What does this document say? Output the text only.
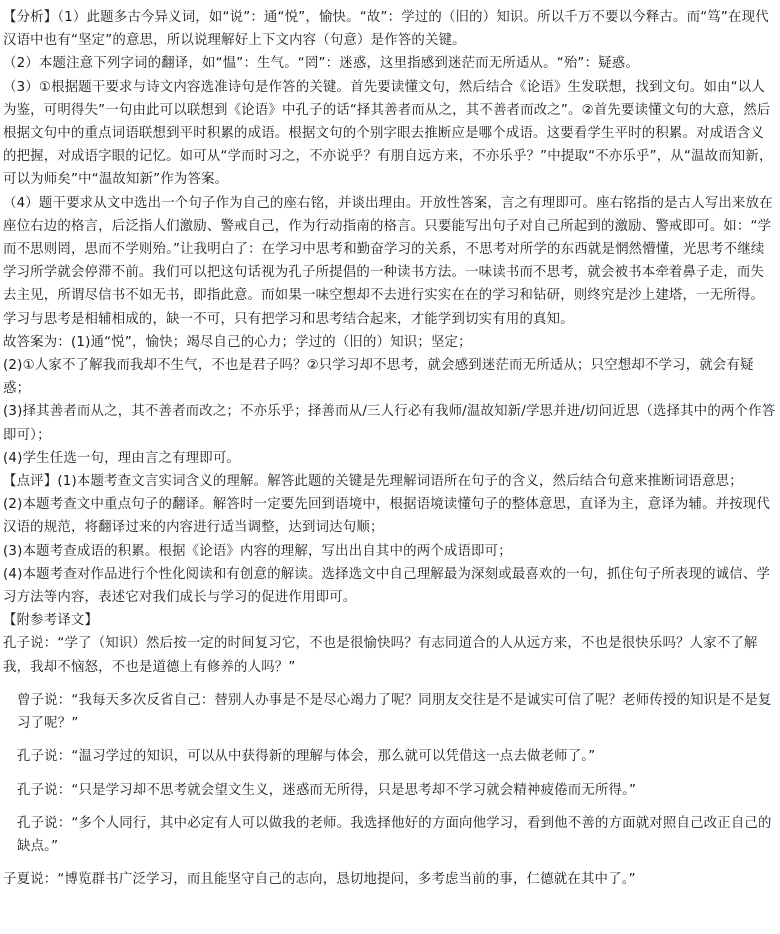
【分析】（1）此题多古今异义词，如“说”：通“悦”，愉快。“故”：学过的（旧的）知识。所以千万不要以今释古。而“笃”在现代汉语中也有“坚定”的意思，所以说理解好上下文内容（句意）是作答的关键。

（2）本题注意下列字词的翻译，如“愠”：生气。“罔”：迷惑，这里指感到迷茫而无所适从。“殆”：疑惑。

（3）①根据题干要求与诗文内容选准诗句是作答的关键。首先要读懂文句，然后结合《论语》生发联想，找到文句。如由“以人为鉴，可明得失”一句由此可以联想到《论语》中孔子的话“择其善者而从之，其不善者而改之”。②首先要读懂文句的大意，然后根据文句中的重点词语联想到平时积累的成语。根据文句的个别字眼去推断应是哪个成语。这要看学生平时的积累。对成语含义的把握，对成语字眼的记忆。如可从“学而时习之，不亦说乎？有朋自远方来，不亦乐乎？”中提取“不亦乐乎”，从“温故而知新，可以为师矣”中“温故知新”作为答案。

（4）题干要求从文中选出一个句子作为自己的座右铭，并谈出理由。开放性答案，言之有理即可。座右铭指的是古人写出来放在座位右边的格言，后泛指人们激励、警戒自己，作为行动指南的格言。只要能写出句子对自己所起到的激励、警戒即可。如：“学而不思则罔，思而不学则殆。”让我明白了：在学习中思考和勤奋学习的关系，不思考对所学的东西就是惘然懵懂，光思考不继续学习所学就会停滞不前。我们可以把这句话视为孔子所提倡的一种读书方法。一味读书而不思考，就会被书本牵着鼻子走，而失去主见，所谓尽信书不如无书，即指此意。而如果一味空想却不去进行实实在在的学习和钻研，则终究是沙上建塔，一无所得。学习与思考是相辅相成的，缺一不可，只有把学习和思考结合起来，才能学到切实有用的真知。

故答案为：(1)通“悦”，愉快；竭尽自己的心力；学过的（旧的）知识；坚定；

(2)①人家不了解我而我却不生气，不也是君子吗？②只学习却不思考，就会感到迷茫而无所适从；只空想却不学习，就会有疑惑；

(3)择其善者而从之，其不善者而改之；不亦乐乎；择善而从/三人行必有我师/温故知新/学思并进/切问近思（选择其中的两个作答即可）；

(4)学生任选一句，理由言之有理即可。

【点评】(1)本题考查文言实词含义的理解。解答此题的关键是先理解词语所在句子的含义，然后结合句意来推断词语意思；

(2)本题考查文中重点句子的翻译。解答时一定要先回到语境中，根据语境读懂句子的整体意思，直译为主，意译为辅。并按现代汉语的规范，将翻译过来的内容进行适当调整，达到词达句顺；

(3)本题考查成语的积累。根据《论语》内容的理解，写出出自其中的两个成语即可；

(4)本题考查对作品进行个性化阅读和有创意的解读。选择选文中自己理解最为深刻或最喜欢的一句，抓住句子所表现的诚信、学习方法等内容，表述它对我们成长与学习的促进作用即可。

【附参考译文】

孔子说：“学了（知识）然后按一定的时间复习它，不也是很愉快吗？有志同道合的人从远方来，不也是很快乐吗？人家不了解我，我却不恼怒，不也是道德上有修养的人吗？”

曾子说：“我每天多次反省自己：替别人办事是不是尽心竭力了呢？同朋友交往是不是诚实可信了呢？老师传授的知识是不是复习了呢？”

孔子说：“温习学过的知识，可以从中获得新的理解与体会，那么就可以凭借这一点去做老师了。”

孔子说：“只是学习却不思考就会望文生义，迷惑而无所得，只是思考却不学习就会精神疲倦而无所得。”

孔子说：“多个人同行，其中必定有人可以做我的老师。我选择他好的方面向他学习，看到他不善的方面就对照自己改正自己的缺点。”

子夏说：“博览群书广泛学习，而且能坚守自己的志向，恳切地提问，多考虑当前的事，仁德就在其中了。”
